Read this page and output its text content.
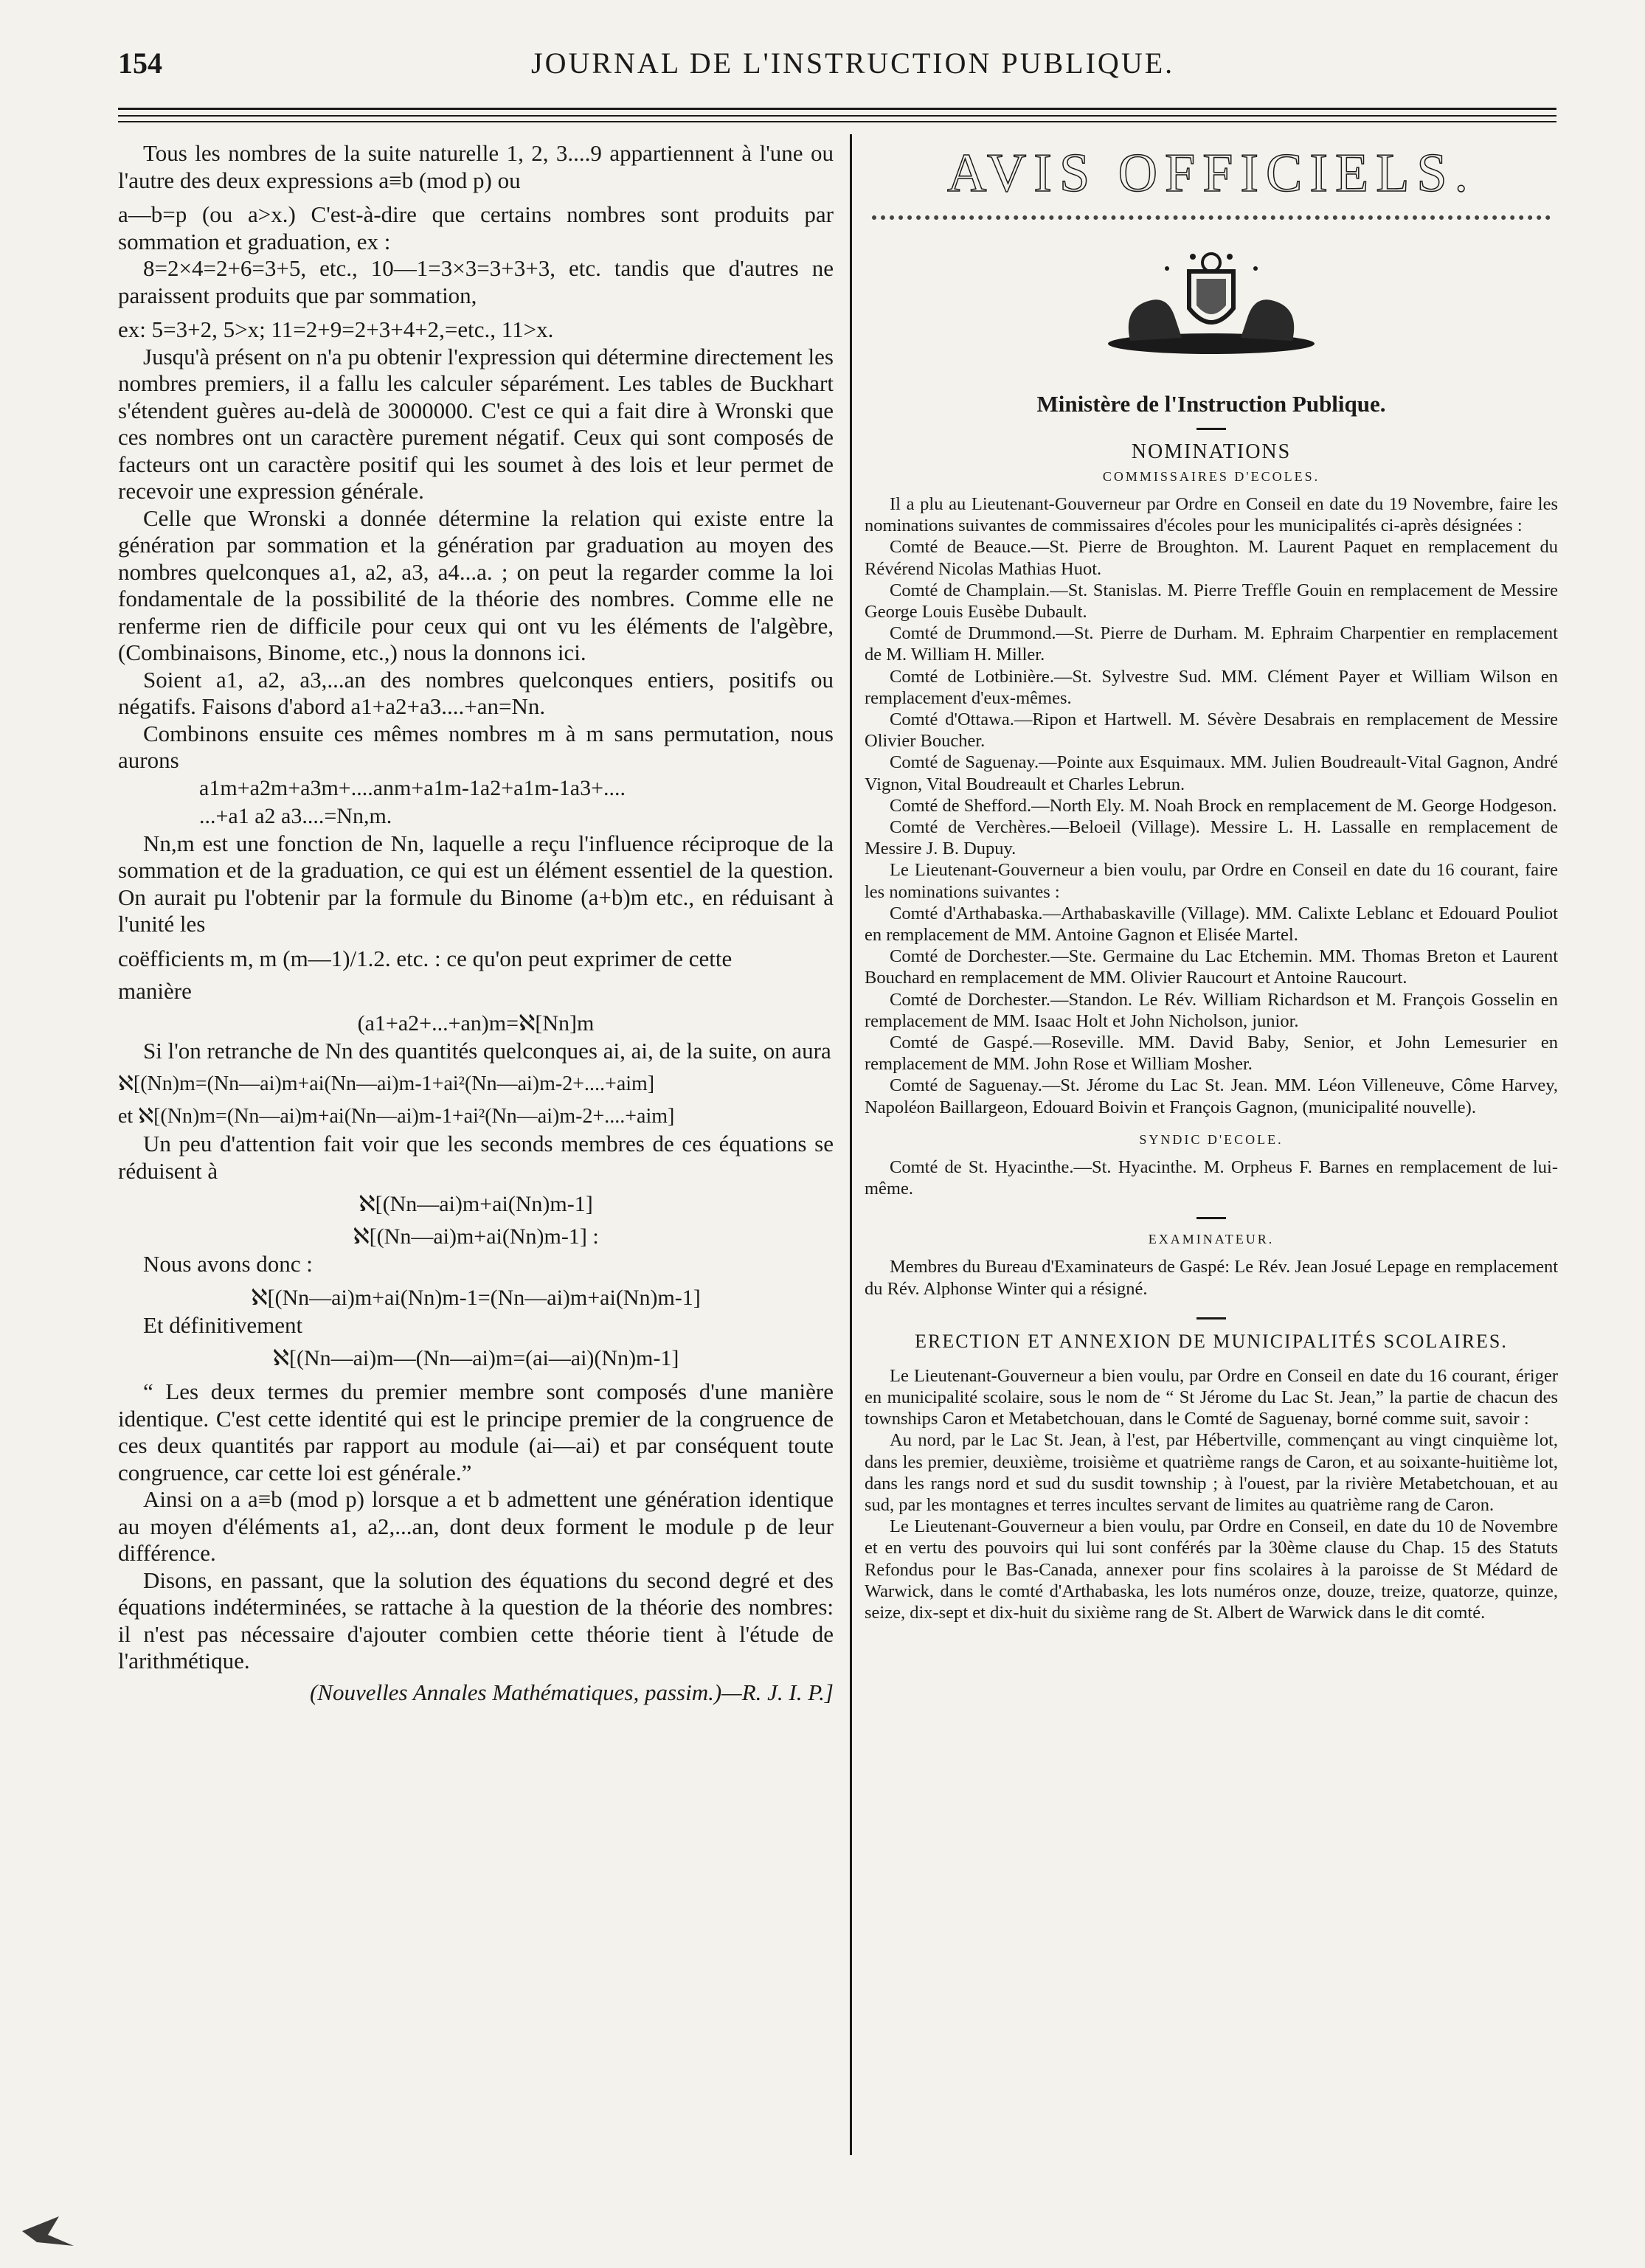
154	JOURNAL DE L'INSTRUCTION PUBLIQUE.

Tous les nombres de la suite naturelle 1, 2, 3....9 appartiennent à l'une ou l'autre des deux expressions a≡b (mod p) ou

a—b=p (ou a>x.) C'est-à-dire que certains nombres sont produits par sommation et graduation, ex :

8=2×4=2+6=3+5, etc., 10—1=3×3=3+3+3, etc. tandis que d'autres ne paraissent produits que par sommation,

ex: 5=3+2, 5>x; 11=2+9=2+3+4+2,=etc., 11>x.

Jusqu'à présent on n'a pu obtenir l'expression qui détermine directement les nombres premiers, il a fallu les calculer séparément. Les tables de Buckhart s'étendent guères au-delà de 3000000. C'est ce qui a fait dire à Wronski que ces nombres ont un caractère purement négatif. Ceux qui sont composés de facteurs ont un caractère positif qui les soumet à des lois et leur permet de recevoir une expression générale.

Celle que Wronski a donnée détermine la relation qui existe entre la génération par sommation et la génération par graduation au moyen des nombres quelconques a1, a2, a3, a4...a. ; on peut la regarder comme la loi fondamentale de la possibilité de la théorie des nombres. Comme elle ne renferme rien de difficile pour ceux qui ont vu les éléments de l'algèbre, (Combinaisons, Binome, etc.,) nous la donnons ici.

Soient a1, a2, a3,...an des nombres quelconques entiers, positifs ou négatifs. Faisons d'abord a1+a2+a3....+an=Nn.

Combinons ensuite ces mêmes nombres m à m sans permutation, nous aurons

a1m+a2m+a3m+....anm+a1m-1a2+a1m-1a3+....
...+a1 a2 a3....=Nn,m.

Nn,m est une fonction de Nn, laquelle a reçu l'influence réciproque de la sommation et de la graduation, ce qui est un élément essentiel de la question. On aurait pu l'obtenir par la formule du Binome (a+b)m etc., en réduisant à l'unité les

coëfficients m, m (m—1)/1.2. etc. : ce qu'on peut exprimer de cette

manière

(a1+a2+...+an)m=ℵ[Nn]m

Si l'on retranche de Nn des quantités quelconques ai, ai, de la suite, on aura

ℵ[(Nn)m=(Nn—ai)m+ai(Nn—ai)m-1+ai²(Nn—ai)m-2+....+aim]
et ℵ[(Nn)m=(Nn—ai)m+ai(Nn—ai)m-1+ai²(Nn—ai)m-2+....+aim]

Un peu d'attention fait voir que les seconds membres de ces équations se réduisent à

ℵ[(Nn—ai)m+ai(Nn)m-1]
ℵ[(Nn—ai)m+ai(Nn)m-1] :

Nous avons donc :

ℵ[(Nn—ai)m+ai(Nn)m-1=(Nn—ai)m+ai(Nn)m-1]

Et définitivement

ℵ[(Nn—ai)m—(Nn—ai)m=(ai—ai)(Nn)m-1]

“ Les deux termes du premier membre sont composés d'une manière identique. C'est cette identité qui est le principe premier de la congruence de ces deux quantités par rapport au module (ai—ai) et par conséquent toute congruence, car cette loi est générale.”

Ainsi on a a≡b (mod p) lorsque a et b admettent une génération identique au moyen d'éléments a1, a2,...an, dont deux forment le module p de leur différence.

Disons, en passant, que la solution des équations du second degré et des équations indéterminées, se rattache à la question de la théorie des nombres: il n'est pas nécessaire d'ajouter combien cette théorie tient à l'étude de l'arithmétique.

(Nouvelles Annales Mathématiques, passim.)—R. J. I. P.]

AVIS OFFICIELS.
Ministère de l'Instruction Publique.
NOMINATIONS
COMMISSAIRES D'ECOLES.

Il a plu au Lieutenant-Gouverneur par Ordre en Conseil en date du 19 Novembre, faire les nominations suivantes de commissaires d'écoles pour les municipalités ci-après désignées :

Comté de Beauce.—St. Pierre de Broughton. M. Laurent Paquet en remplacement du Révérend Nicolas Mathias Huot.

Comté de Champlain.—St. Stanislas. M. Pierre Treffle Gouin en remplacement de Messire George Louis Eusèbe Dubault.

Comté de Drummond.—St. Pierre de Durham. M. Ephraim Charpentier en remplacement de M. William H. Miller.

Comté de Lotbinière.—St. Sylvestre Sud. MM. Clément Payer et William Wilson en remplacement d'eux-mêmes.

Comté d'Ottawa.—Ripon et Hartwell. M. Sévère Desabrais en remplacement de Messire Olivier Boucher.

Comté de Saguenay.—Pointe aux Esquimaux. MM. Julien Boudreault-Vital Gagnon, André Vignon, Vital Boudreault et Charles Lebrun.

Comté de Shefford.—North Ely. M. Noah Brock en remplacement de M. George Hodgeson.

Comté de Verchères.—Beloeil (Village). Messire L. H. Lassalle en remplacement de Messire J. B. Dupuy.

Le Lieutenant-Gouverneur a bien voulu, par Ordre en Conseil en date du 16 courant, faire les nominations suivantes :

Comté d'Arthabaska.—Arthabaskaville (Village). MM. Calixte Leblanc et Edouard Pouliot en remplacement de MM. Antoine Gagnon et Elisée Martel.

Comté de Dorchester.—Ste. Germaine du Lac Etchemin. MM. Thomas Breton et Laurent Bouchard en remplacement de MM. Olivier Raucourt et Antoine Raucourt.

Comté de Dorchester.—Standon. Le Rév. William Richardson et M. François Gosselin en remplacement de MM. Isaac Holt et John Nicholson, junior.

Comté de Gaspé.—Roseville. MM. David Baby, Senior, et John Lemesurier en remplacement de MM. John Rose et William Mosher.

Comté de Saguenay.—St. Jérome du Lac St. Jean. MM. Léon Villeneuve, Côme Harvey, Napoléon Baillargeon, Edouard Boivin et François Gagnon, (municipalité nouvelle).

SYNDIC D'ECOLE.

Comté de St. Hyacinthe.—St. Hyacinthe. M. Orpheus F. Barnes en remplacement de lui-même.

EXAMINATEUR.

Membres du Bureau d'Examinateurs de Gaspé: Le Rév. Jean Josué Lepage en remplacement du Rév. Alphonse Winter qui a résigné.

ERECTION ET ANNEXION DE MUNICIPALITÉS SCOLAIRES.

Le Lieutenant-Gouverneur a bien voulu, par Ordre en Conseil en date du 16 courant, ériger en municipalité scolaire, sous le nom de “ St Jérome du Lac St. Jean,” la partie de chacun des townships Caron et Metabetchouan, dans le Comté de Saguenay, borné comme suit, savoir :

Au nord, par le Lac St. Jean, à l'est, par Hébertville, commençant au vingt cinquième lot, dans les premier, deuxième, troisième et quatrième rangs de Caron, et au soixante-huitième lot, dans les rangs nord et sud du susdit township ; à l'ouest, par la rivière Metabetchouan, et au sud, par les montagnes et terres incultes servant de limites au quatrième rang de Caron.

Le Lieutenant-Gouverneur a bien voulu, par Ordre en Conseil, en date du 10 de Novembre et en vertu des pouvoirs qui lui sont conférés par la 30ème clause du Chap. 15 des Statuts Refondus pour le Bas-Canada, annexer pour fins scolaires à la paroisse de St Médard de Warwick, dans le comté d'Arthabaska, les lots numéros onze, douze, treize, quatorze, quinze, seize, dix-sept et dix-huit du sixième rang de St. Albert de Warwick dans le dit comté.
